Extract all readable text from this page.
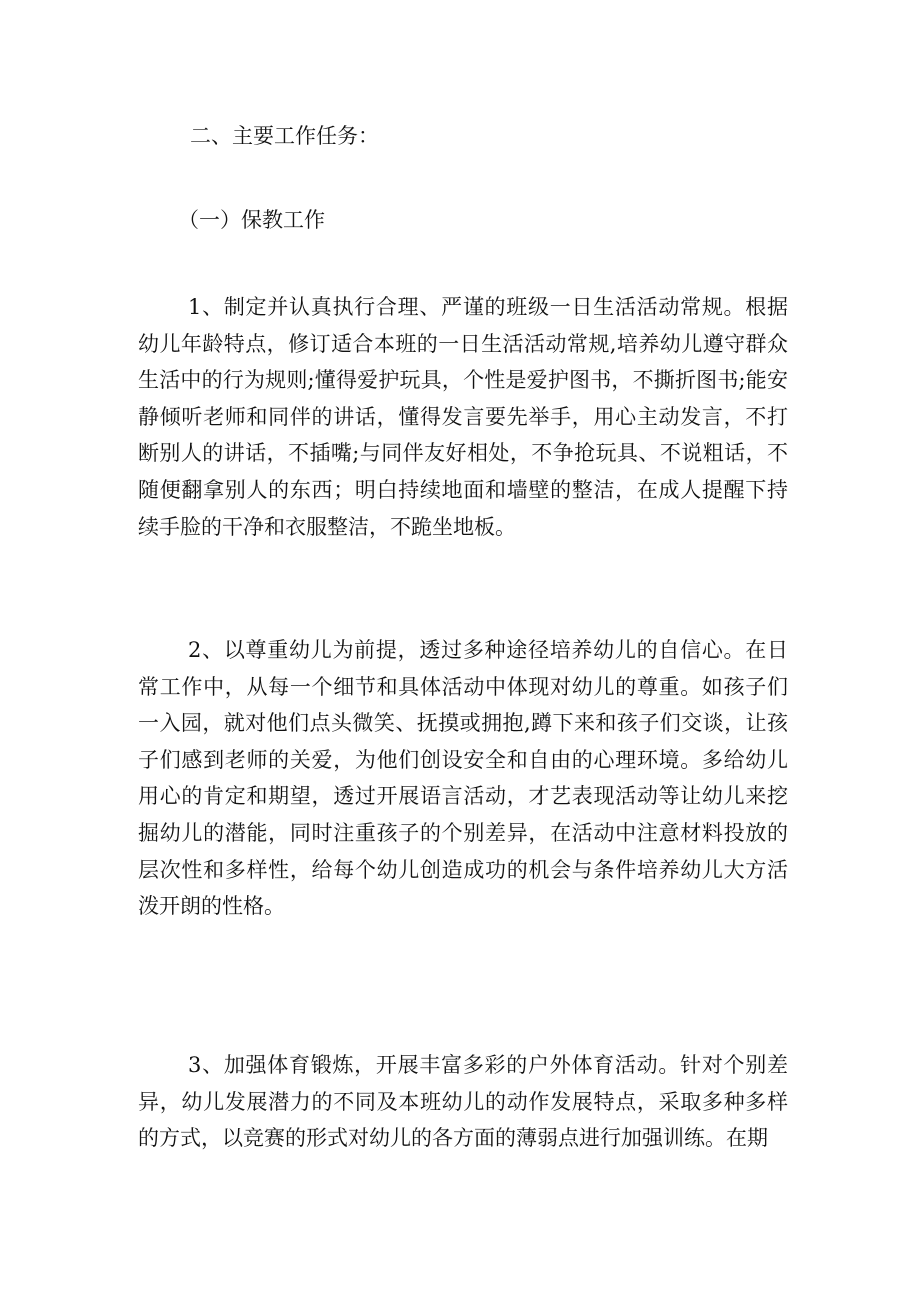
二、主要工作任务：
（一）保教工作

1、制定并认真执行合理、严谨的班级一日生活活动常规。根据幼儿年龄特点，修订适合本班的一日生活活动常规,培养幼儿遵守群众生活中的行为规则;懂得爱护玩具，个性是爱护图书，不撕折图书;能安静倾听老师和同伴的讲话，懂得发言要先举手，用心主动发言，不打断别人的讲话，不插嘴;与同伴友好相处，不争抢玩具、不说粗话，不随便翻拿别人的东西；明白持续地面和墙壁的整洁，在成人提醒下持续手脸的干净和衣服整洁，不跪坐地板。

2、以尊重幼儿为前提，透过多种途径培养幼儿的自信心。在日常工作中，从每一个细节和具体活动中体现对幼儿的尊重。如孩子们一入园，就对他们点头微笑、抚摸或拥抱,蹲下来和孩子们交谈，让孩子们感到老师的关爱，为他们创设安全和自由的心理环境。多给幼儿用心的肯定和期望，透过开展语言活动，才艺表现活动等让幼儿来挖掘幼儿的潜能，同时注重孩子的个别差异，在活动中注意材料投放的层次性和多样性，给每个幼儿创造成功的机会与条件培养幼儿大方活泼开朗的性格。

3、加强体育锻炼，开展丰富多彩的户外体育活动。针对个别差异，幼儿发展潜力的不同及本班幼儿的动作发展特点，采取多种多样的方式，以竞赛的形式对幼儿的各方面的薄弱点进行加强训练。在期
